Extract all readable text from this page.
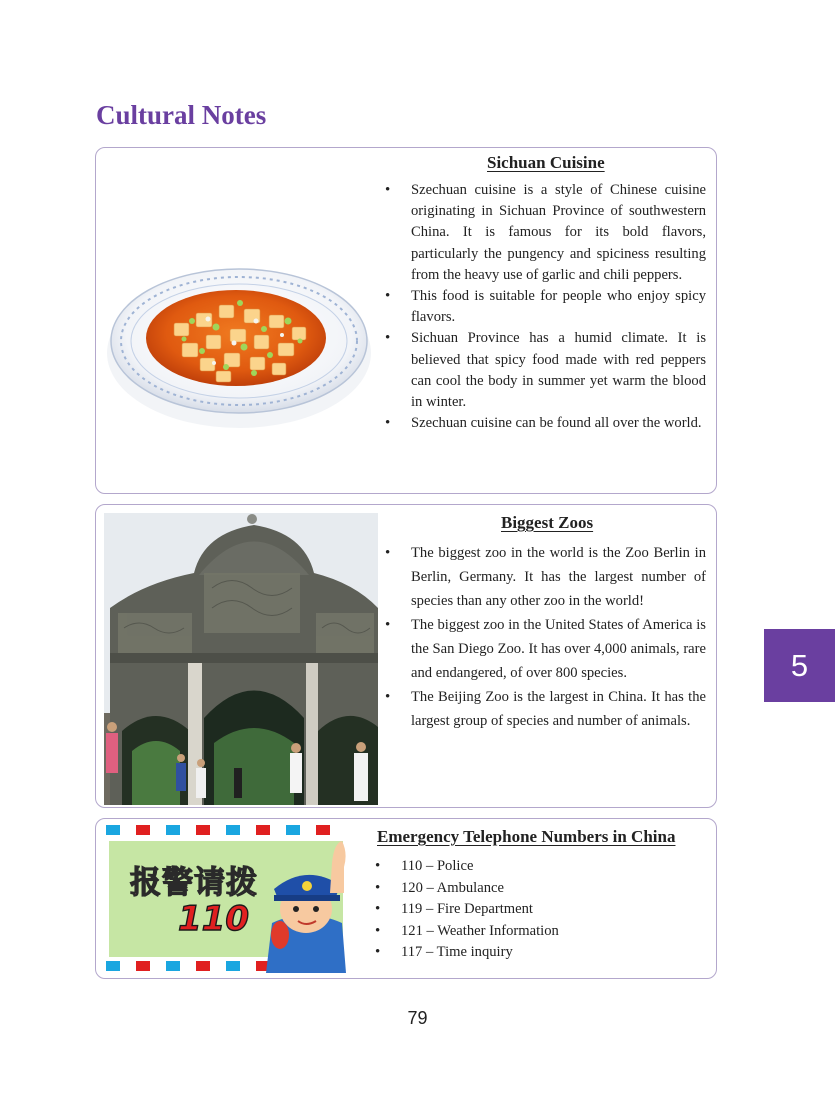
Cultural Notes
Sichuan Cuisine
• Szechuan cuisine is a style of Chinese cuisine originating in Sichuan Province of southwestern China. It is famous for its bold flavors, particularly the pungency and spiciness resulting from the heavy use of garlic and chili peppers.
• This food is suitable for people who enjoy spicy flavors.
• Sichuan Province has a humid climate. It is believed that spicy food made with red peppers can cool the body in summer yet warm the blood in winter.
• Szechuan cuisine can be found all over the world.
Biggest Zoos
• The biggest zoo in the world is the Zoo Berlin in Berlin, Germany. It has the largest number of species than any other zoo in the world!
• The biggest zoo in the United States of America is the San Diego Zoo. It has over 4,000 animals, rare and endangered, of over 800 species.
• The Beijing Zoo is the largest in China. It has the largest group of species and number of animals.
报警请拨
110
Emergency Telephone Numbers in China
• 110 – Police
• 120 – Ambulance
• 119 – Fire Department
• 121 – Weather Information
• 117 – Time inquiry
5
79
